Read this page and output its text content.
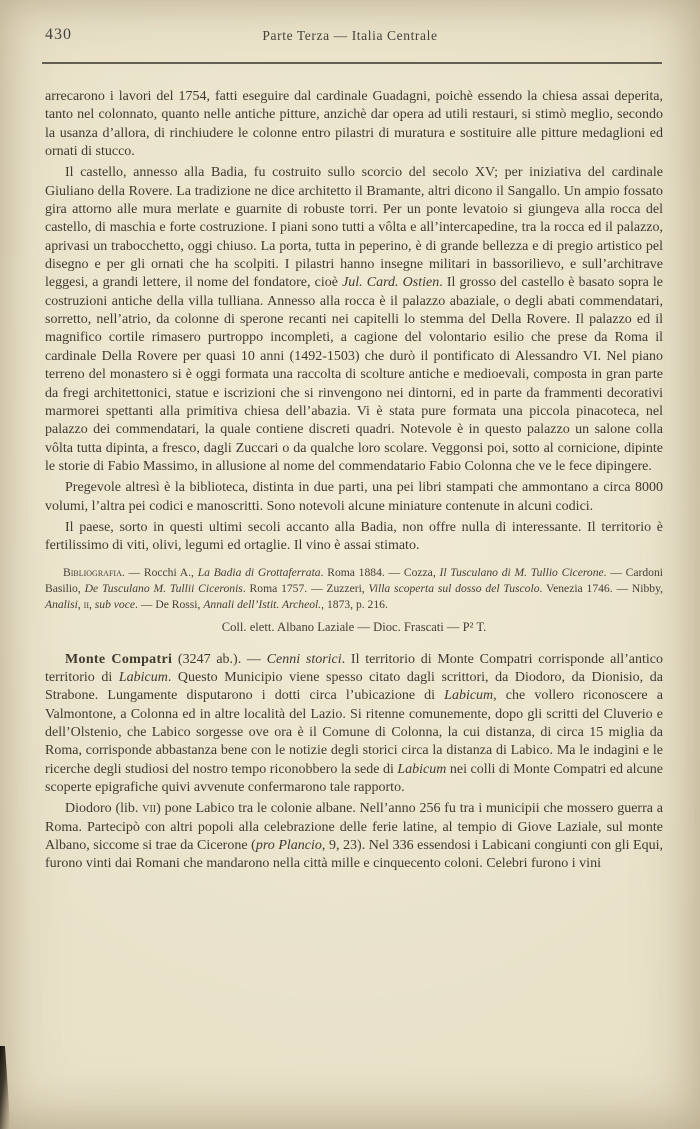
430	Parte Terza — Italia Centrale

arrecarono i lavori del 1754, fatti eseguire dal cardinale Guadagni, poichè essendo la chiesa assai deperita, tanto nel colonnato, quanto nelle antiche pitture, anzichè dar opera ad utili restauri, si stimò meglio, secondo la usanza d’allora, di rinchiudere le colonne entro pilastri di muratura e sostituire alle pitture medaglioni ed ornati di stucco.

Il castello, annesso alla Badia, fu costruito sullo scorcio del secolo XV; per iniziativa del cardinale Giuliano della Rovere. La tradizione ne dice architetto il Bramante, altri dicono il Sangallo. Un ampio fossato gira attorno alle mura merlate e guarnite di robuste torri. Per un ponte levatoio si giungeva alla rocca del castello, di maschia e forte costruzione. I piani sono tutti a vôlta e all’intercapedine, tra la rocca ed il palazzo, aprivasi un trabocchetto, oggi chiuso. La porta, tutta in peperino, è di grande bellezza e di pregio artistico pel disegno e per gli ornati che ha scolpiti. I pilastri hanno insegne militari in bassorilievo, e sull’architrave leggesi, a grandi lettere, il nome del fondatore, cioè Jul. Card. Ostien. Il grosso del castello è basato sopra le costruzioni antiche della villa tulliana. Annesso alla rocca è il palazzo abaziale, o degli abati commendatari, sorretto, nell’atrio, da colonne di sperone recanti nei capitelli lo stemma del Della Rovere. Il palazzo ed il magnifico cortile rimasero purtroppo incompleti, a cagione del volontario esilio che prese da Roma il cardinale Della Rovere per quasi 10 anni (1492-1503) che durò il pontificato di Alessandro VI. Nel piano terreno del monastero si è oggi formata una raccolta di scolture antiche e medioevali, composta in gran parte da fregi architettonici, statue e iscrizioni che si rinvengono nei dintorni, ed in parte da frammenti decorativi marmorei spettanti alla primitiva chiesa dell’abazia. Vi è stata pure formata una piccola pinacoteca, nel palazzo dei commendatari, la quale contiene discreti quadri. Notevole è in questo palazzo un salone colla vôlta tutta dipinta, a fresco, dagli Zuccari o da qualche loro scolare. Veggonsi poi, sotto al cornicione, dipinte le storie di Fabio Massimo, in allusione al nome del commendatario Fabio Colonna che ve le fece dipingere.

Pregevole altresì è la biblioteca, distinta in due parti, una pei libri stampati che ammontano a circa 8000 volumi, l’altra pei codici e manoscritti. Sono notevoli alcune miniature contenute in alcuni codici.

Il paese, sorto in questi ultimi secoli accanto alla Badia, non offre nulla di interessante. Il territorio è fertilissimo di viti, olivi, legumi ed ortaglie. Il vino è assai stimato.

Bibliografia. — Rocchi A., La Badia di Grottaferrata. Roma 1884. — Cozza, Il Tusculano di M. Tullio Cicerone. — Cardoni Basilio, De Tusculano M. Tullii Ciceronis. Roma 1757. — Zuzzeri, Villa scoperta sul dosso del Tuscolo. Venezia 1746. — Nibby, Analisi, ii, sub voce. — De Rossi, Annali dell’Istit. Archeol., 1873, p. 216.

Coll. elett. Albano Laziale — Dioc. Frascati — P² T.

Monte Compatri (3247 ab.). — Cenni storici. Il territorio di Monte Compatri corrisponde all’antico territorio di Labicum. Questo Municipio viene spesso citato dagli scrittori, da Diodoro, da Dionisio, da Strabone. Lungamente disputarono i dotti circa l’ubicazione di Labicum, che vollero riconoscere a Valmontone, a Colonna ed in altre località del Lazio. Si ritenne comunemente, dopo gli scritti del Cluverio e dell’Olstenio, che Labico sorgesse ove ora è il Comune di Colonna, la cui distanza, di circa 15 miglia da Roma, corrisponde abbastanza bene con le notizie degli storici circa la distanza di Labico. Ma le indagini e le ricerche degli studiosi del nostro tempo riconobbero la sede di Labicum nei colli di Monte Compatri ed alcune scoperte epigrafiche quivi avvenute confermarono tale rapporto.

Diodoro (lib. vii) pone Labico tra le colonie albane. Nell’anno 256 fu tra i municipii che mossero guerra a Roma. Partecipò con altri popoli alla celebrazione delle ferie latine, al tempio di Giove Laziale, sul monte Albano, siccome si trae da Cicerone (pro Plancio, 9, 23). Nel 336 essendosi i Labicani congiunti con gli Equi, furono vinti dai Romani che mandarono nella città mille e cinquecento coloni. Celebri furono i vini
